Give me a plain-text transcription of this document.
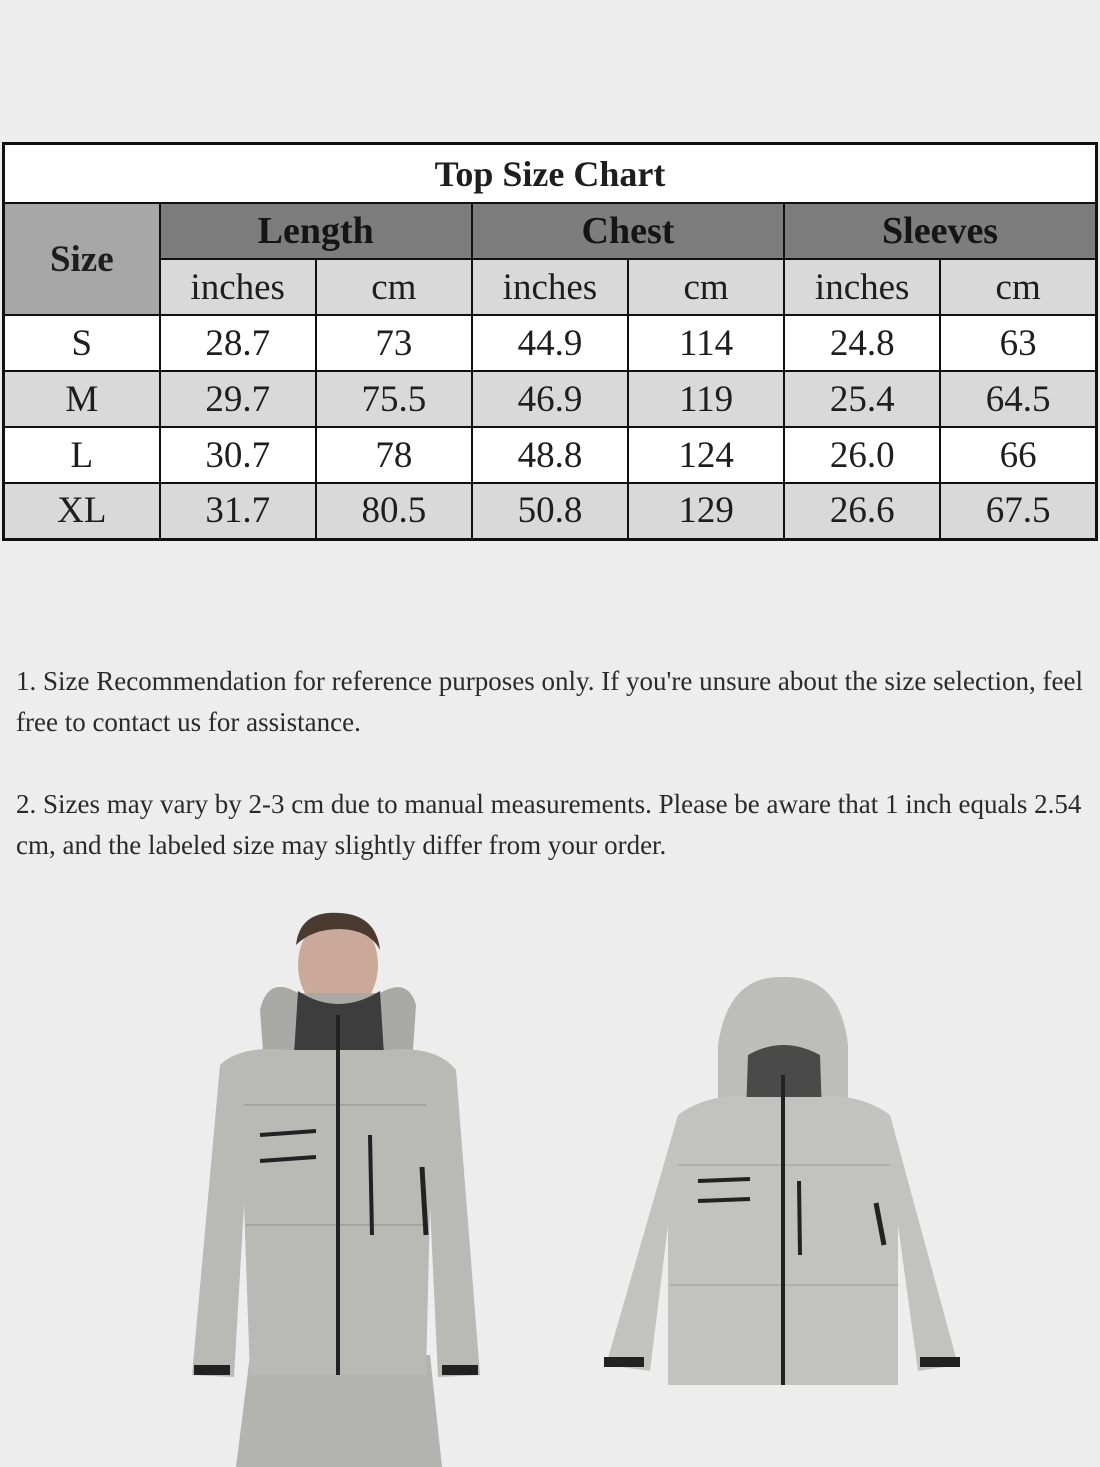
Top Size Chart						
Size	Length		Chest		Sleeves	
	inches	cm	inches	cm	inches	cm
S	28.7	73	44.9	114	24.8	63
M	29.7	75.5	46.9	119	25.4	64.5
L	30.7	78	48.8	124	26.0	66
XL	31.7	80.5	50.8	129	26.6	67.5

1. Size Recommendation for reference purposes only. If you're unsure about the size selection, feel free to contact us for assistance.

2. Sizes may vary by 2-3 cm due to manual measurements. Please be aware that 1 inch equals 2.54 cm, and the labeled size may slightly differ from your order.
